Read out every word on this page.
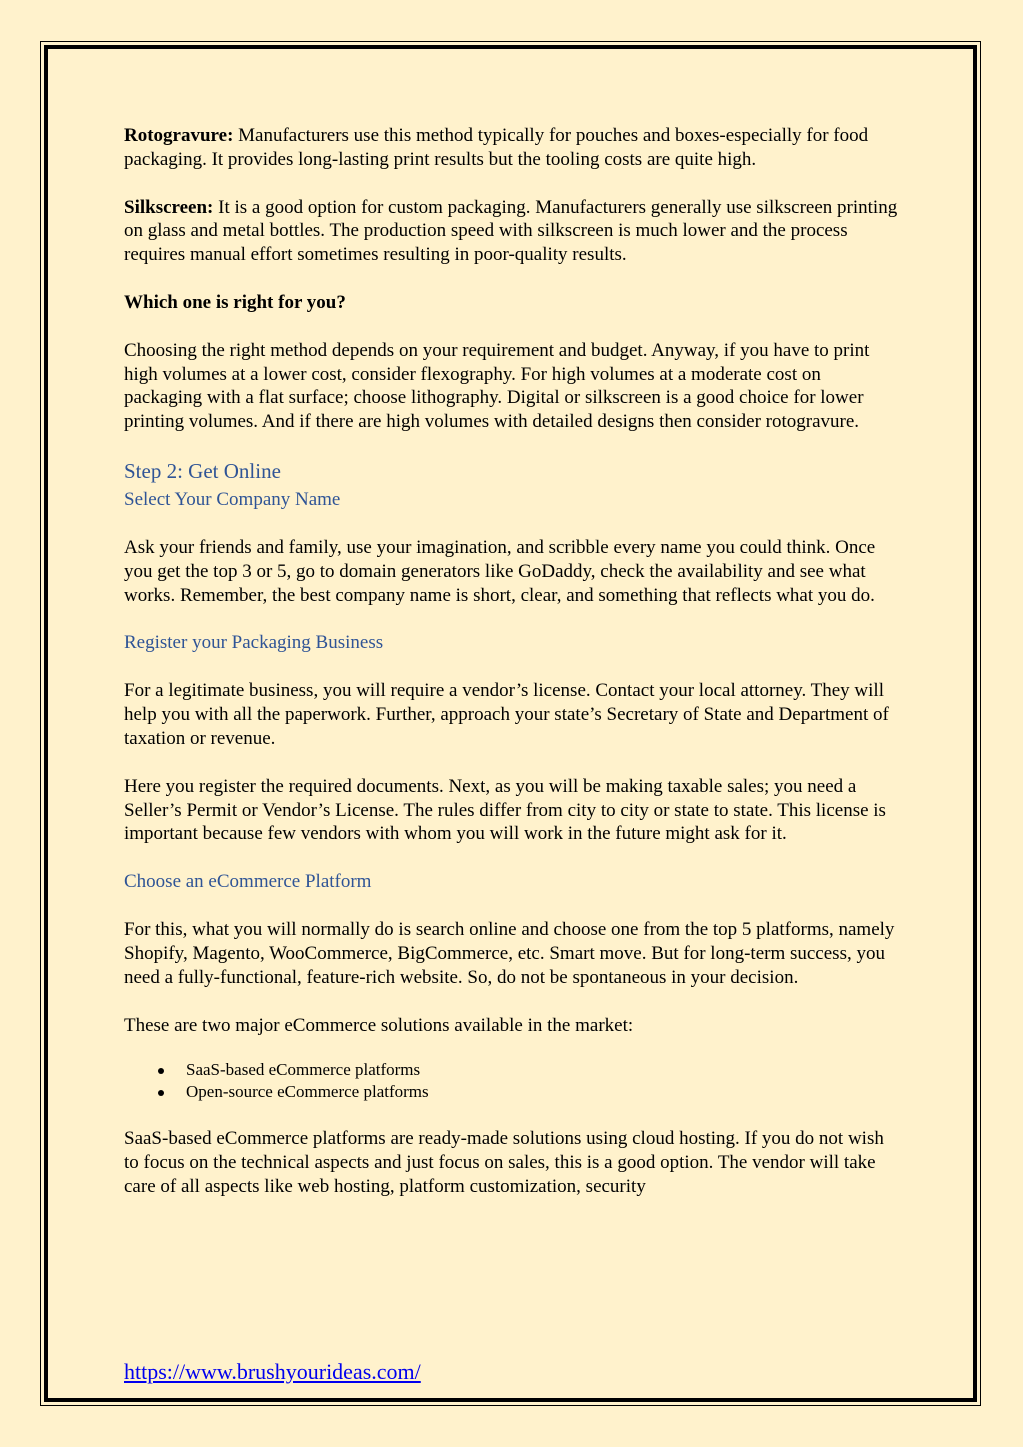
Rotogravure: Manufacturers use this method typically for pouches and boxes-especially for food packaging. It provides long-lasting print results but the tooling costs are quite high.

Silkscreen: It is a good option for custom packaging. Manufacturers generally use silkscreen printing on glass and metal bottles. The production speed with silkscreen is much lower and the process requires manual effort sometimes resulting in poor-quality results.

Which one is right for you?

Choosing the right method depends on your requirement and budget. Anyway, if you have to print high volumes at a lower cost, consider flexography. For high volumes at a moderate cost on packaging with a flat surface; choose lithography. Digital or silkscreen is a good choice for lower printing volumes. And if there are high volumes with detailed designs then consider rotogravure.

Step 2: Get Online
Select Your Company Name

Ask your friends and family, use your imagination, and scribble every name you could think. Once you get the top 3 or 5, go to domain generators like GoDaddy, check the availability and see what works. Remember, the best company name is short, clear, and something that reflects what you do.

Register your Packaging Business

For a legitimate business, you will require a vendor’s license. Contact your local attorney. They will help you with all the paperwork. Further, approach your state’s Secretary of State and Department of taxation or revenue.

Here you register the required documents. Next, as you will be making taxable sales; you need a Seller’s Permit or Vendor’s License. The rules differ from city to city or state to state. This license is important because few vendors with whom you will work in the future might ask for it.

Choose an eCommerce Platform

For this, what you will normally do is search online and choose one from the top 5 platforms, namely Shopify, Magento, WooCommerce, BigCommerce, etc. Smart move. But for long-term success, you need a fully-functional, feature-rich website. So, do not be spontaneous in your decision.

These are two major eCommerce solutions available in the market:

SaaS-based eCommerce platforms
Open-source eCommerce platforms

SaaS-based eCommerce platforms are ready-made solutions using cloud hosting. If you do not wish to focus on the technical aspects and just focus on sales, this is a good option. The vendor will take care of all aspects like web hosting, platform customization, security

https://www.brushyourideas.com/
